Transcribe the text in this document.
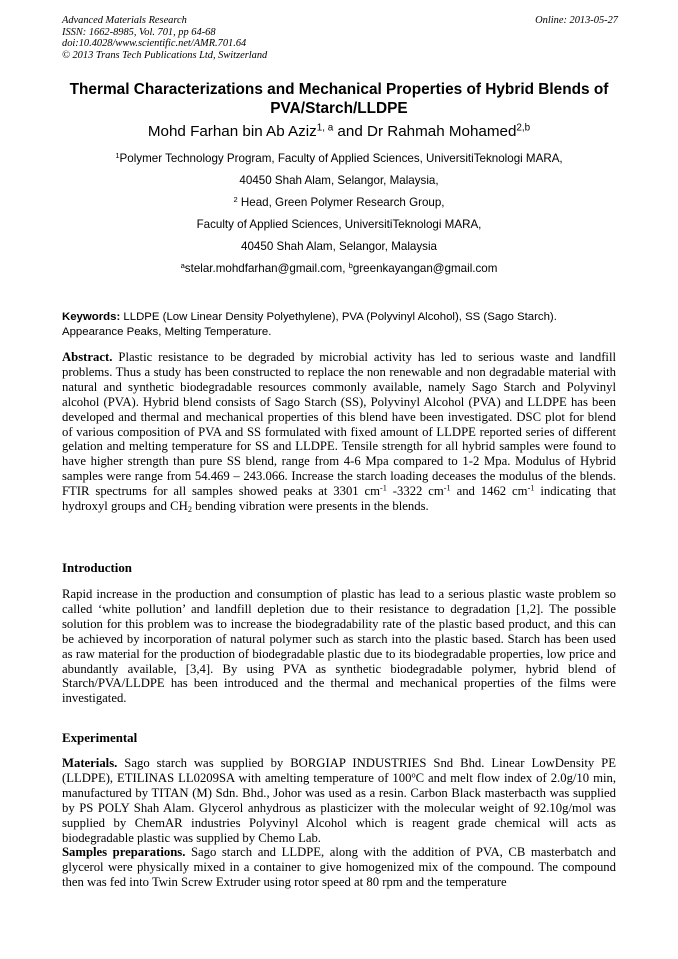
Advanced Materials Research
ISSN: 1662-8985, Vol. 701, pp 64-68
doi:10.4028/www.scientific.net/AMR.701.64
© 2013 Trans Tech Publications Ltd, Switzerland
Online: 2013-05-27
Thermal Characterizations and Mechanical Properties of Hybrid Blends of PVA/Starch/LLDPE
Mohd Farhan bin Ab Aziz$^{1, a}$ and Dr Rahmah Mohamed$^{2,b}$
$^1$Polymer Technology Program, Faculty of Applied Sciences, UniversitiTeknologi MARA,
40450 Shah Alam, Selangor, Malaysia,
$^2$ Head, Green Polymer Research Group,
Faculty of Applied Sciences, UniversitiTeknologi MARA,
40450 Shah Alam, Selangor, Malaysia
$^a$stelar.mohdfarhan@gmail.com, $^b$greenkayangan@gmail.com
Keywords: LLDPE (Low Linear Density Polyethylene), PVA (Polyvinyl Alcohol), SS (Sago Starch). Appearance Peaks, Melting Temperature.
Abstract. Plastic resistance to be degraded by microbial activity has led to serious waste and landfill problems. Thus a study has been constructed to replace the non renewable and non degradable material with natural and synthetic biodegradable resources commonly available, namely Sago Starch and Polyvinyl alcohol (PVA). Hybrid blend consists of Sago Starch (SS), Polyvinyl Alcohol (PVA) and LLDPE has been developed and thermal and mechanical properties of this blend have been investigated. DSC plot for blend of various composition of PVA and SS formulated with fixed amount of LLDPE reported series of different gelation and melting temperature for SS and LLDPE. Tensile strength for all hybrid samples were found to have higher strength than pure SS blend, range from 4-6 Mpa compared to 1-2 Mpa. Modulus of Hybrid samples were range from 54.469 – 243.066. Increase the starch loading deceases the modulus of the blends. FTIR spectrums for all samples showed peaks at 3301 $cm^{-1}$ -3322 $cm^{-1}$ and 1462 $cm^{-1}$ indicating that hydroxyl groups and $CH_2$ bending vibration were presents in the blends.
Introduction
Rapid increase in the production and consumption of plastic has lead to a serious plastic waste problem so called ‘white pollution’ and landfill depletion due to their resistance to degradation [1,2]. The possible solution for this problem was to increase the biodegradability rate of the plastic based product, and this can be achieved by incorporation of natural polymer such as starch into the plastic based. Starch has been used as raw material for the production of biodegradable plastic due to its biodegradable properties, low price and abundantly available, [3,4]. By using PVA as synthetic biodegradable polymer, hybrid blend of Starch/PVA/LLDPE has been introduced and the thermal and mechanical properties of the films were investigated.
Experimental
Materials. Sago starch was supplied by BORGIAP INDUSTRIES Snd Bhd. Linear LowDensity PE (LLDPE), ETILINAS LL0209SA with amelting temperature of 100$^o$C and melt flow index of 2.0g/10 min, manufactured by TITAN (M) Sdn. Bhd., Johor was used as a resin. Carbon Black masterbacth was supplied by PS POLY Shah Alam. Glycerol anhydrous as plasticizer with the molecular weight of 92.10g/mol was supplied by ChemAR industries Polyvinyl Alcohol which is reagent grade chemical will acts as biodegradable plastic was supplied by Chemo Lab.
Samples preparations. Sago starch and LLDPE, along with the addition of PVA, CB masterbatch and glycerol were physically mixed in a container to give homogenized mix of the compound. The compound then was fed into Twin Screw Extruder using rotor speed at 80 rpm and the temperature
